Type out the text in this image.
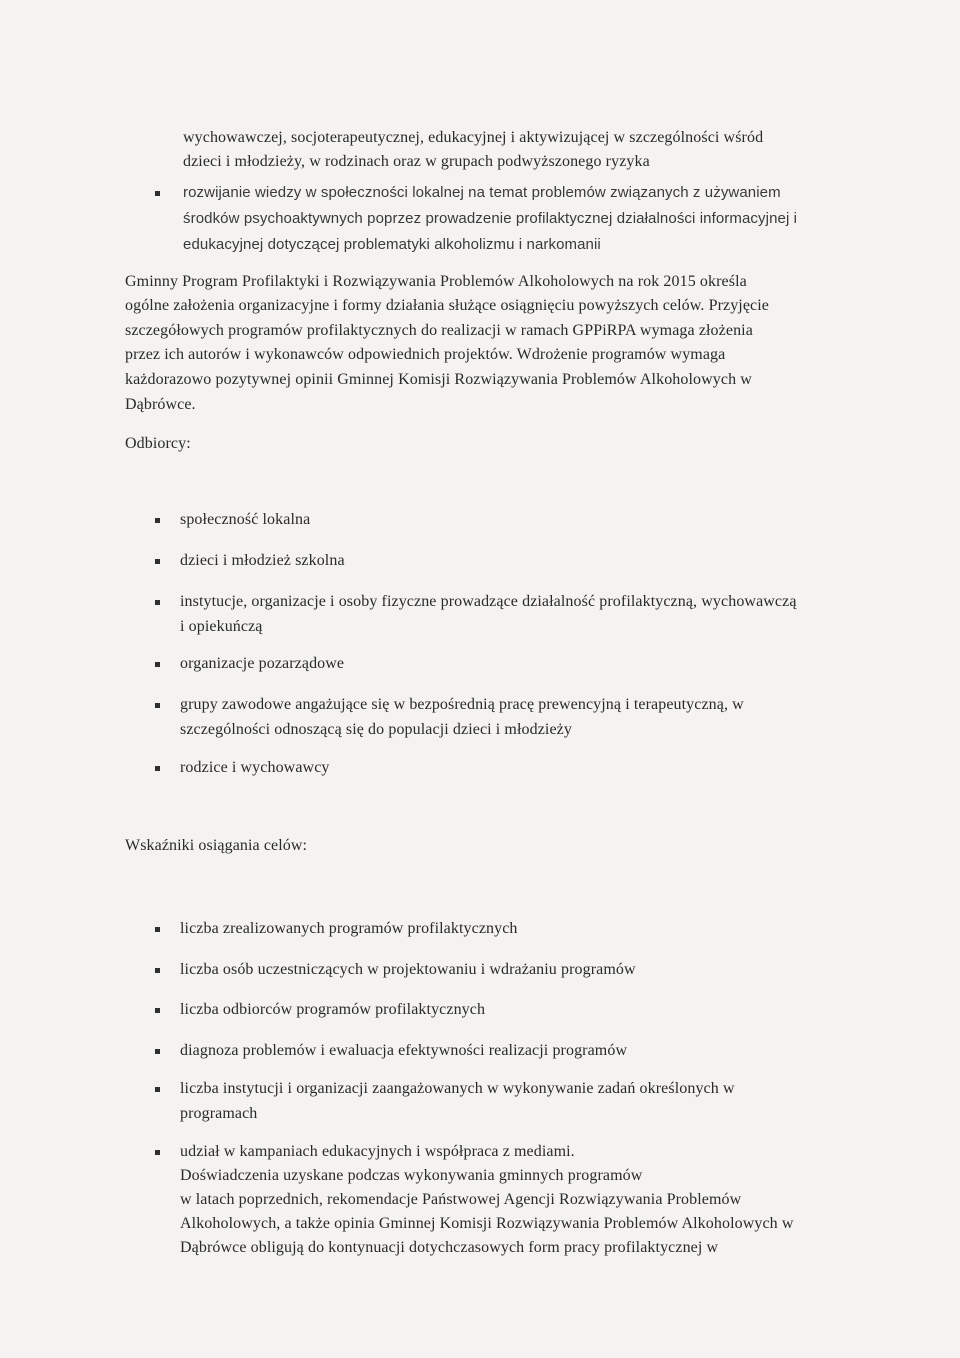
wychowawczej, socjoterapeutycznej, edukacyjnej i aktywizującej w szczególności wśród
dzieci i młodzieży, w rodzinach oraz w grupach podwyższonego ryzyka
rozwijanie wiedzy w społeczności lokalnej na temat problemów związanych z używaniem
środków psychoaktywnych poprzez prowadzenie profilaktycznej działalności informacyjnej i
edukacyjnej dotyczącej problematyki alkoholizmu i narkomanii
Gminny Program Profilaktyki i Rozwiązywania Problemów Alkoholowych na rok 2015 określa
ogólne założenia organizacyjne i formy działania służące osiągnięciu powyższych celów. Przyjęcie
szczegółowych programów profilaktycznych do realizacji w ramach GPPiRPA wymaga złożenia
przez ich autorów i wykonawców odpowiednich projektów. Wdrożenie programów wymaga
każdorazowo pozytywnej opinii Gminnej Komisji Rozwiązywania Problemów Alkoholowych w
Dąbrówce.
Odbiorcy:
społeczność lokalna
dzieci i młodzież szkolna
instytucje, organizacje i osoby fizyczne prowadzące działalność profilaktyczną, wychowawczą
i opiekuńczą
organizacje pozarządowe
grupy zawodowe angażujące się w bezpośrednią pracę prewencyjną i terapeutyczną, w
szczególności odnoszącą się do populacji dzieci i młodzieży
rodzice i wychowawcy
Wskaźniki osiągania celów:
liczba zrealizowanych programów profilaktycznych
liczba osób uczestniczących w projektowaniu i wdrażaniu programów
liczba odbiorców programów profilaktycznych
diagnoza problemów i ewaluacja efektywności realizacji programów
liczba instytucji i organizacji zaangażowanych w wykonywanie zadań określonych w
programach
udział w kampaniach edukacyjnych i współpraca z mediami.
Doświadczenia uzyskane podczas wykonywania gminnych programów
w latach poprzednich, rekomendacje Państwowej Agencji Rozwiązywania Problemów
Alkoholowych, a także opinia Gminnej Komisji Rozwiązywania Problemów Alkoholowych w
Dąbrówce obligują do kontynuacji dotychczasowych form pracy profilaktycznej w
